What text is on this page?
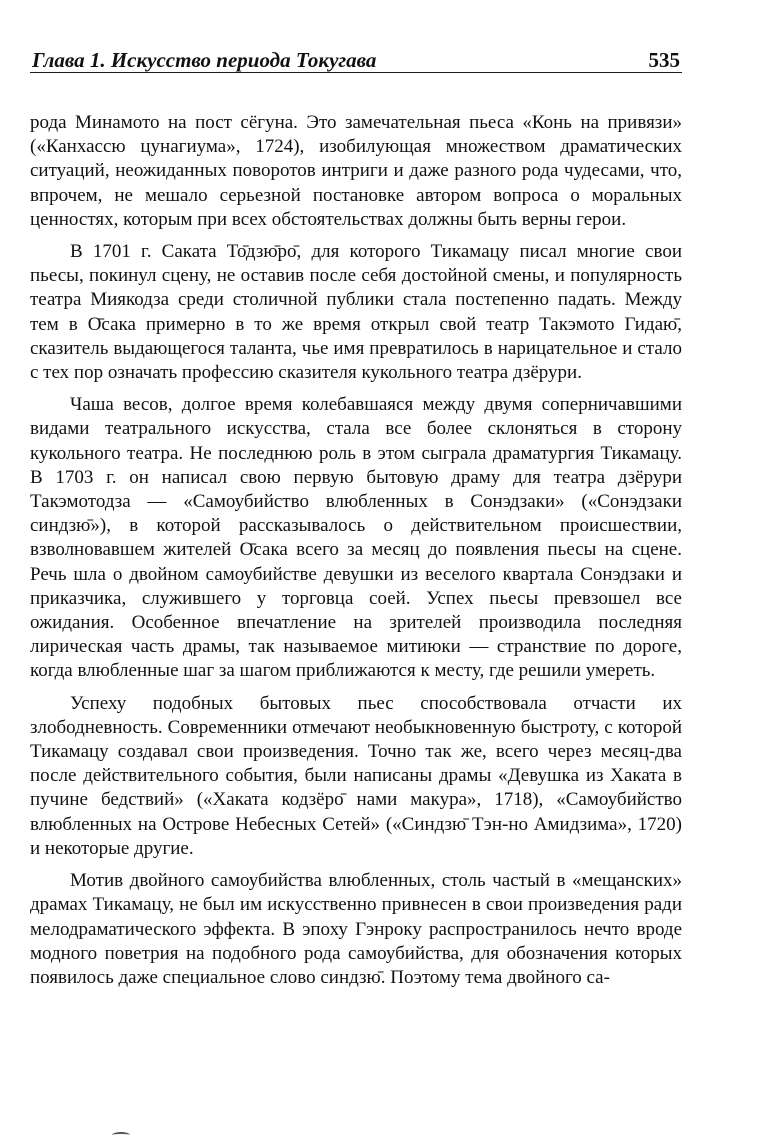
Глава 1. Искусство периода Токугава	535

рода Минамото на пост сёгуна. Это замечательная пьеса «Конь на привязи» («Канхассю цунагиума», 1724), изобилующая множеством драматических ситуаций, неожиданных поворотов интриги и даже разного рода чудесами, что, впрочем, не мешало серьезной постановке автором вопроса о моральных ценностях, которым при всех обстоятельствах должны быть верны герои.

В 1701 г. Саката То̄дзю̄ро̄, для которого Тикамацу писал многие свои пьесы, покинул сцену, не оставив после себя достойной смены, и популярность театра Миякодза среди столичной публики стала постепенно падать. Между тем в О̄сака примерно в то же время открыл свой театр Такэмото Гидаю̄, сказитель выдающегося таланта, чье имя превратилось в нарицательное и стало с тех пор означать профессию сказителя кукольного театра дзёрури.

Чаша весов, долгое время колебавшаяся между двумя соперничавшими видами театрального искусства, стала все более склоняться в сторону кукольного театра. Не последнюю роль в этом сыграла драматургия Тикамацу. В 1703 г. он написал свою первую бытовую драму для театра дзёрури Такэмотодза — «Самоубийство влюбленных в Сонэдзаки» («Сонэдзаки синдзю̄»), в которой рассказывалось о действительном происшествии, взволновавшем жителей О̄сака всего за месяц до появления пьесы на сцене. Речь шла о двойном самоубийстве девушки из веселого квартала Сонэдзаки и приказчика, служившего у торговца соей. Успех пьесы превзошел все ожидания. Особенное впечатление на зрителей производила последняя лирическая часть драмы, так называемое митиюки — странствие по дороге, когда влюбленные шаг за шагом приближаются к месту, где решили умереть.

Успеху подобных бытовых пьес способствовала отчасти их злободневность. Современники отмечают необыкновенную быстроту, с которой Тикамацу создавал свои произведения. Точно так же, всего через месяц-два после действительного события, были написаны драмы «Девушка из Хаката в пучине бедствий» («Хаката кодзёро̄ нами макура», 1718), «Самоубийство влюбленных на Острове Небесных Сетей» («Синдзю̄ Тэн-но Амидзима», 1720) и некоторые другие.

Мотив двойного самоубийства влюбленных, столь частый в «мещанских» драмах Тикамацу, не был им искусственно привнесен в свои произведения ради мелодраматического эффекта. В эпоху Гэнроку распространилось нечто вроде модного поветрия на подобного рода самоубийства, для обозначения которых появилось даже специальное слово синдзю̄. Поэтому тема двойного са-
